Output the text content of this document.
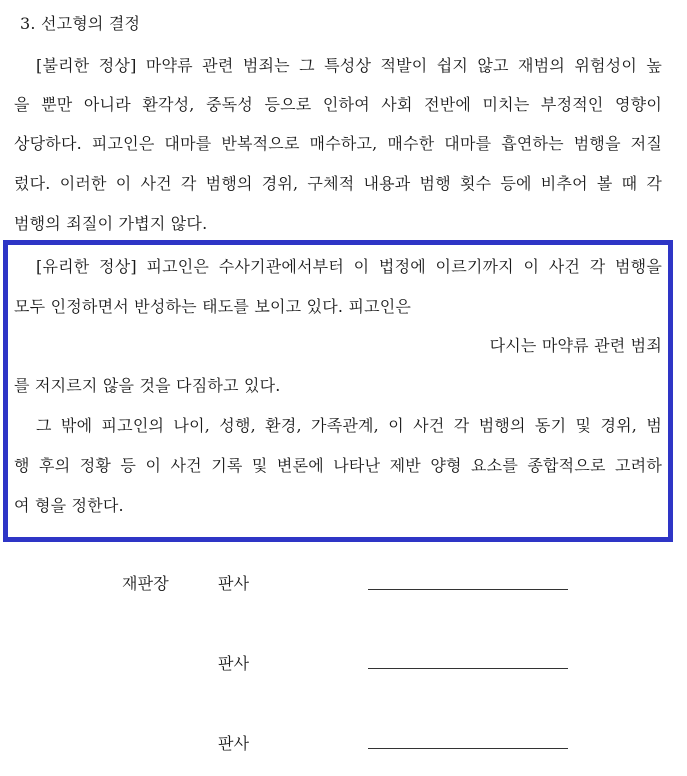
3. 선고형의 결정
[불리한 정상] 마약류 관련 범죄는 그 특성상 적발이 쉽지 않고 재범의 위험성이 높
을 뿐만 아니라 환각성, 중독성 등으로 인하여 사회 전반에 미치는 부정적인 영향이
상당하다. 피고인은 대마를 반복적으로 매수하고, 매수한 대마를 흡연하는 범행을 저질
렀다. 이러한 이 사건 각 범행의 경위, 구체적 내용과 범행 횟수 등에 비추어 볼 때 각
범행의 죄질이 가볍지 않다.
[유리한 정상] 피고인은 수사기관에서부터 이 법정에 이르기까지 이 사건 각 범행을
모두 인정하면서 반성하는 태도를 보이고 있다. 피고인은
다시는 마약류 관련 범죄
를 저지르지 않을 것을 다짐하고 있다.
그 밖에 피고인의 나이, 성행, 환경, 가족관계, 이 사건 각 범행의 동기 및 경위, 범
행 후의 정황 등 이 사건 기록 및 변론에 나타난 제반 양형 요소를 종합적으로 고려하
여 형을 정한다.
재판장	판사
판사
판사
